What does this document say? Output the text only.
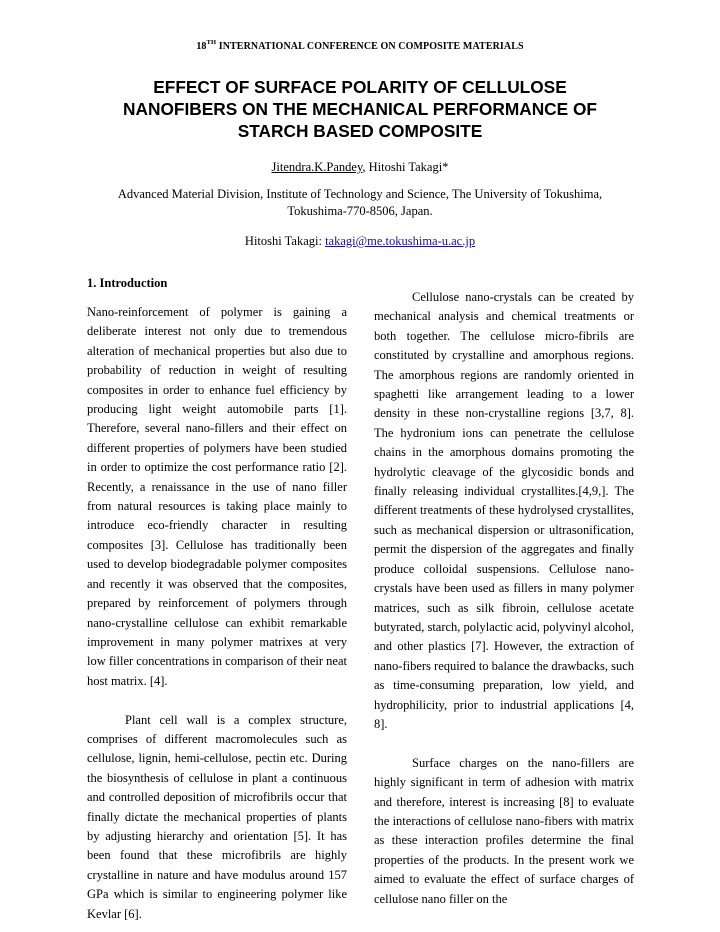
18TH INTERNATIONAL CONFERENCE ON COMPOSITE MATERIALS
EFFECT OF SURFACE POLARITY OF CELLULOSE
NANOFIBERS ON THE MECHANICAL PERFORMANCE OF
STARCH BASED COMPOSITE
Jitendra.K.Pandey, Hitoshi Takagi*
Advanced Material Division, Institute of Technology and Science, The University of Tokushima,
Tokushima-770-8506, Japan.
Hitoshi Takagi: takagi@me.tokushima-u.ac.jp
1. Introduction

Nano-reinforcement of polymer is gaining a deliberate interest not only due to tremendous alteration of mechanical properties but also due to probability of reduction in weight of resulting composites in order to enhance fuel efficiency by producing light weight automobile parts [1]. Therefore, several nano-fillers and their effect on different properties of polymers have been studied in order to optimize the cost performance ratio [2]. Recently, a renaissance in the use of nano filler from natural resources is taking place mainly to introduce eco-friendly character in resulting composites [3]. Cellulose has traditionally been used to develop biodegradable polymer composites and recently it was observed that the composites, prepared by reinforcement of polymers through nano-crystalline cellulose can exhibit remarkable improvement in many polymer matrixes at very low filler concentrations in comparison of their neat host matrix. [4].

Plant cell wall is a complex structure, comprises of different macromolecules such as cellulose, lignin, hemi-cellulose, pectin etc. During the biosynthesis of cellulose in plant a continuous and controlled deposition of microfibrils occur that finally dictate the mechanical properties of plants by adjusting hierarchy and orientation [5]. It has been found that these microfibrils are highly crystalline in nature and have modulus around 157 GPa which is similar to engineering polymer like Kevlar [6].

Cellulose nano-crystals can be created by mechanical analysis and chemical treatments or both together. The cellulose micro-fibrils are constituted by crystalline and amorphous regions. The amorphous regions are randomly oriented in spaghetti like arrangement leading to a lower density in these non-crystalline regions [3,7, 8]. The hydronium ions can penetrate the cellulose chains in the amorphous domains promoting the hydrolytic cleavage of the glycosidic bonds and finally releasing individual crystallites.[4,9,]. The different treatments of these hydrolysed crystallites, such as mechanical dispersion or ultrasonification, permit the dispersion of the aggregates and finally produce colloidal suspensions. Cellulose nano-crystals have been used as fillers in many polymer matrices, such as silk fibroin, cellulose acetate butyrated, starch, polylactic acid, polyvinyl alcohol, and other plastics [7]. However, the extraction of nano-fibers required to balance the drawbacks, such as time-consuming preparation, low yield, and hydrophilicity, prior to industrial applications [4, 8].

Surface charges on the nano-fillers are highly significant in term of adhesion with matrix and therefore, interest is increasing [8] to evaluate the interactions of cellulose nano-fibers with matrix as these interaction profiles determine the final properties of the products. In the present work we aimed to evaluate the effect of surface charges of cellulose nano filler on the
